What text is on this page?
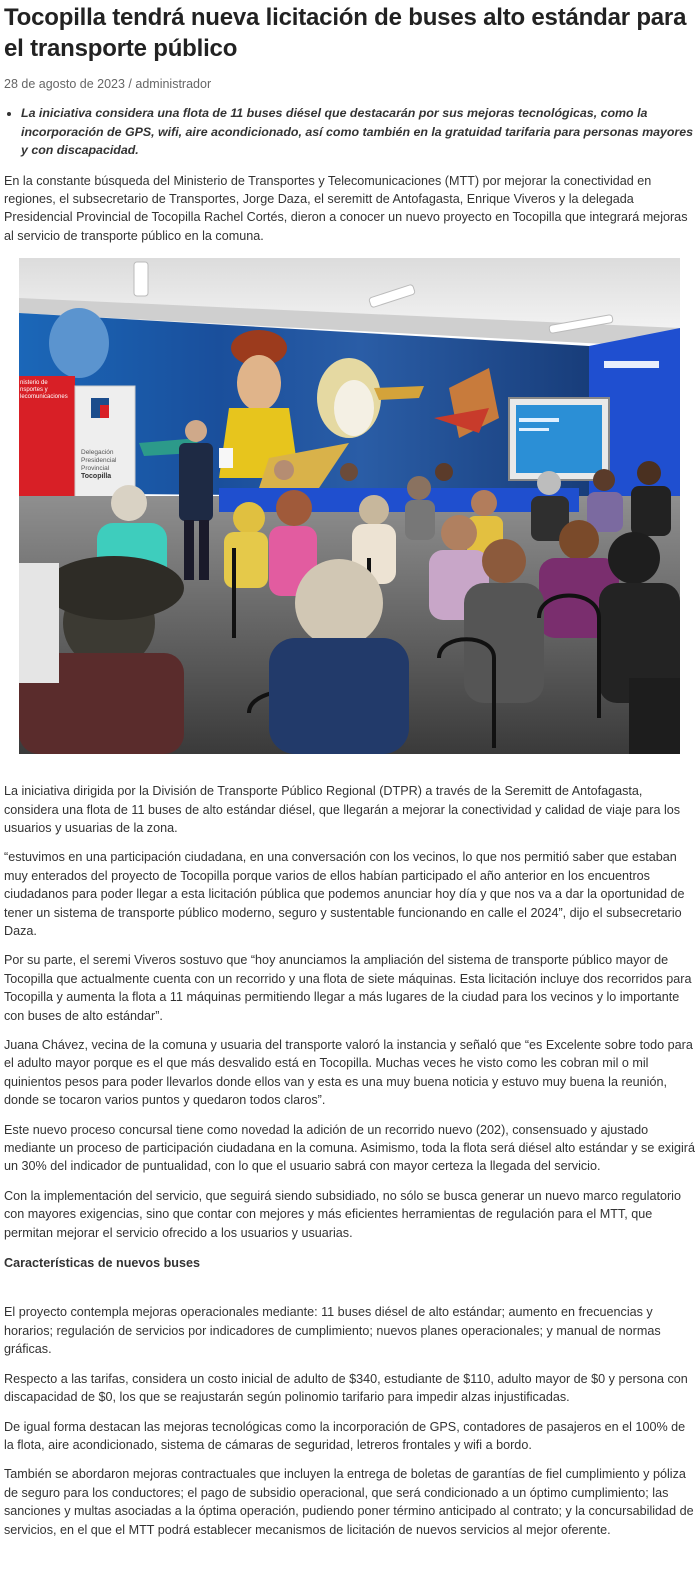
Tocopilla tendrá nueva licitación de buses alto estándar para el transporte público
28 de agosto de 2023 / administrador
• La iniciativa considera una flota de 11 buses diésel que destacarán por sus mejoras tecnológicas, como la incorporación de GPS, wifi, aire acondicionado, así como también en la gratuidad tarifaria para personas mayores y con discapacidad.

En la constante búsqueda del Ministerio de Transportes y Telecomunicaciones (MTT) por mejorar la conectividad en regiones, el subsecretario de Transportes, Jorge Daza, el seremitt de Antofagasta, Enrique Viveros y la delegada Presidencial Provincial de Tocopilla Rachel Cortés, dieron a conocer un nuevo proyecto en Tocopilla que integrará mejoras al servicio de transporte público en la comuna.

nisterio de
nsportes y
lecomunicaciones
Delegación
Presidencial
Provincial
Tocopilla

La iniciativa dirigida por la División de Transporte Público Regional (DTPR) a través de la Seremitt de Antofagasta, considera una flota de 11 buses de alto estándar diésel, que llegarán a mejorar la conectividad y calidad de viaje para los usuarios y usuarias de la zona.

“estuvimos en una participación ciudadana, en una conversación con los vecinos, lo que nos permitió saber que estaban muy enterados del proyecto de Tocopilla porque varios de ellos habían participado el año anterior en los encuentros ciudadanos para poder llegar a esta licitación pública que podemos anunciar hoy día y que nos va a dar la oportunidad de tener un sistema de transporte público moderno, seguro y sustentable funcionando en calle el 2024”, dijo el subsecretario Daza.

Por su parte, el seremi Viveros sostuvo que “hoy anunciamos la ampliación del sistema de transporte público mayor de Tocopilla que actualmente cuenta con un recorrido y una flota de siete máquinas. Esta licitación incluye dos recorridos para Tocopilla y aumenta la flota a 11 máquinas permitiendo llegar a más lugares de la ciudad para los vecinos y lo importante con buses de alto estándar”.

Juana Chávez, vecina de la comuna y usuaria del transporte valoró la instancia y señaló que “es Excelente sobre todo para el adulto mayor porque es el que más desvalido está en Tocopilla. Muchas veces he visto como les cobran mil o mil quinientos pesos para poder llevarlos donde ellos van y esta es una muy buena noticia y estuvo muy buena la reunión, donde se tocaron varios puntos y quedaron todos claros”.

Este nuevo proceso concursal tiene como novedad la adición de un recorrido nuevo (202), consensuado y ajustado mediante un proceso de participación ciudadana en la comuna. Asimismo, toda la flota será diésel alto estándar y se exigirá un 30% del indicador de puntualidad, con lo que el usuario sabrá con mayor certeza la llegada del servicio.

Con la implementación del servicio, que seguirá siendo subsidiado, no sólo se busca generar un nuevo marco regulatorio con mayores exigencias, sino que contar con mejores y más eficientes herramientas de regulación para el MTT, que permitan mejorar el servicio ofrecido a los usuarios y usuarias.

Características de nuevos buses

El proyecto contempla mejoras operacionales mediante: 11 buses diésel de alto estándar; aumento en frecuencias y horarios; regulación de servicios por indicadores de cumplimiento; nuevos planes operacionales; y manual de normas gráficas.

Respecto a las tarifas, considera un costo inicial de adulto de $340, estudiante de $110, adulto mayor de $0 y persona con discapacidad de $0, los que se reajustarán según polinomio tarifario para impedir alzas injustificadas.

De igual forma destacan las mejoras tecnológicas como la incorporación de GPS, contadores de pasajeros en el 100% de la flota, aire acondicionado, sistema de cámaras de seguridad, letreros frontales y wifi a bordo.

También se abordaron mejoras contractuales que incluyen la entrega de boletas de garantías de fiel cumplimiento y póliza de seguro para los conductores; el pago de subsidio operacional, que será condicionado a un óptimo cumplimiento; las sanciones y multas asociadas a la óptima operación, pudiendo poner término anticipado al contrato; y la concursabilidad de servicios, en el que el MTT podrá establecer mecanismos de licitación de nuevos servicios al mejor oferente.
